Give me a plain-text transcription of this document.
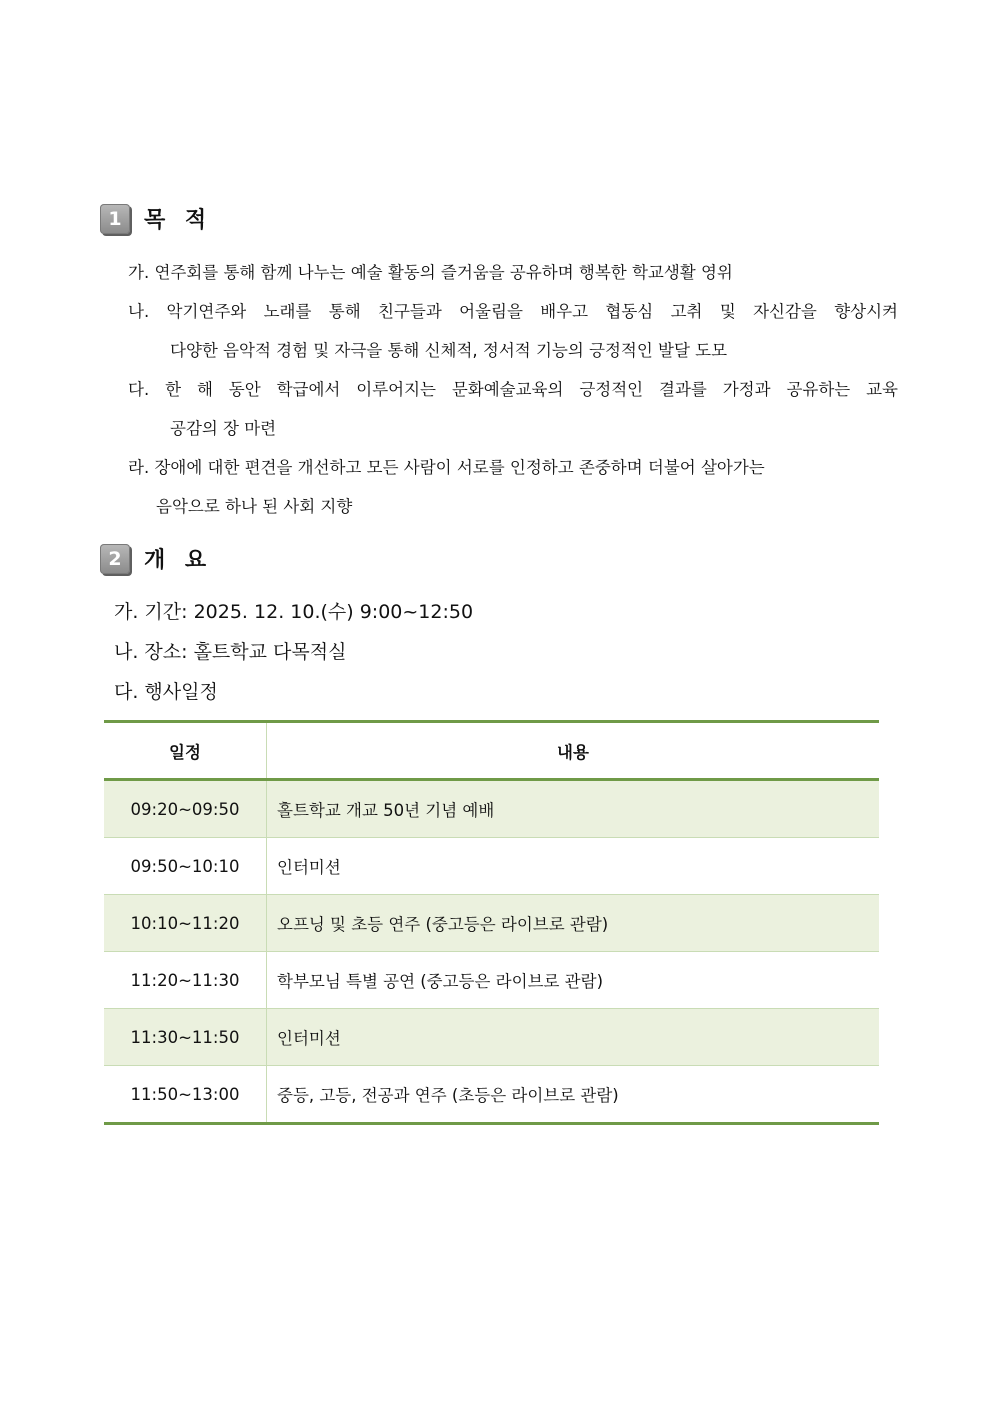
1	목 적
가. 연주회를 통해 함께 나누는 예술 활동의 즐거움을 공유하며 행복한 학교생활 영위
나. 악기연주와 노래를 통해 친구들과 어울림을 배우고 협동심 고취 및 자신감을 향상시켜
다양한 음악적 경험 및 자극을 통해 신체적, 정서적 기능의 긍정적인 발달 도모
다. 한 해 동안 학급에서 이루어지는 문화예술교육의 긍정적인 결과를 가정과 공유하는 교육
공감의 장 마련
라. 장애에 대한 편견을 개선하고 모든 사람이 서로를 인정하고 존중하며 더불어 살아가는
음악으로 하나 된 사회 지향
2	개 요
가. 기간: 2025. 12. 10.(수) 9:00~12:50
나. 장소: 홀트학교 다목적실
다. 행사일정
일정	내용
09:20~09:50	홀트학교 개교 50년 기념 예배
09:50~10:10	인터미션
10:10~11:20	오프닝 및 초등 연주 (중고등은 라이브로 관람)
11:20~11:30	학부모님 특별 공연 (중고등은 라이브로 관람)
11:30~11:50	인터미션
11:50~13:00	중등, 고등, 전공과 연주 (초등은 라이브로 관람)
